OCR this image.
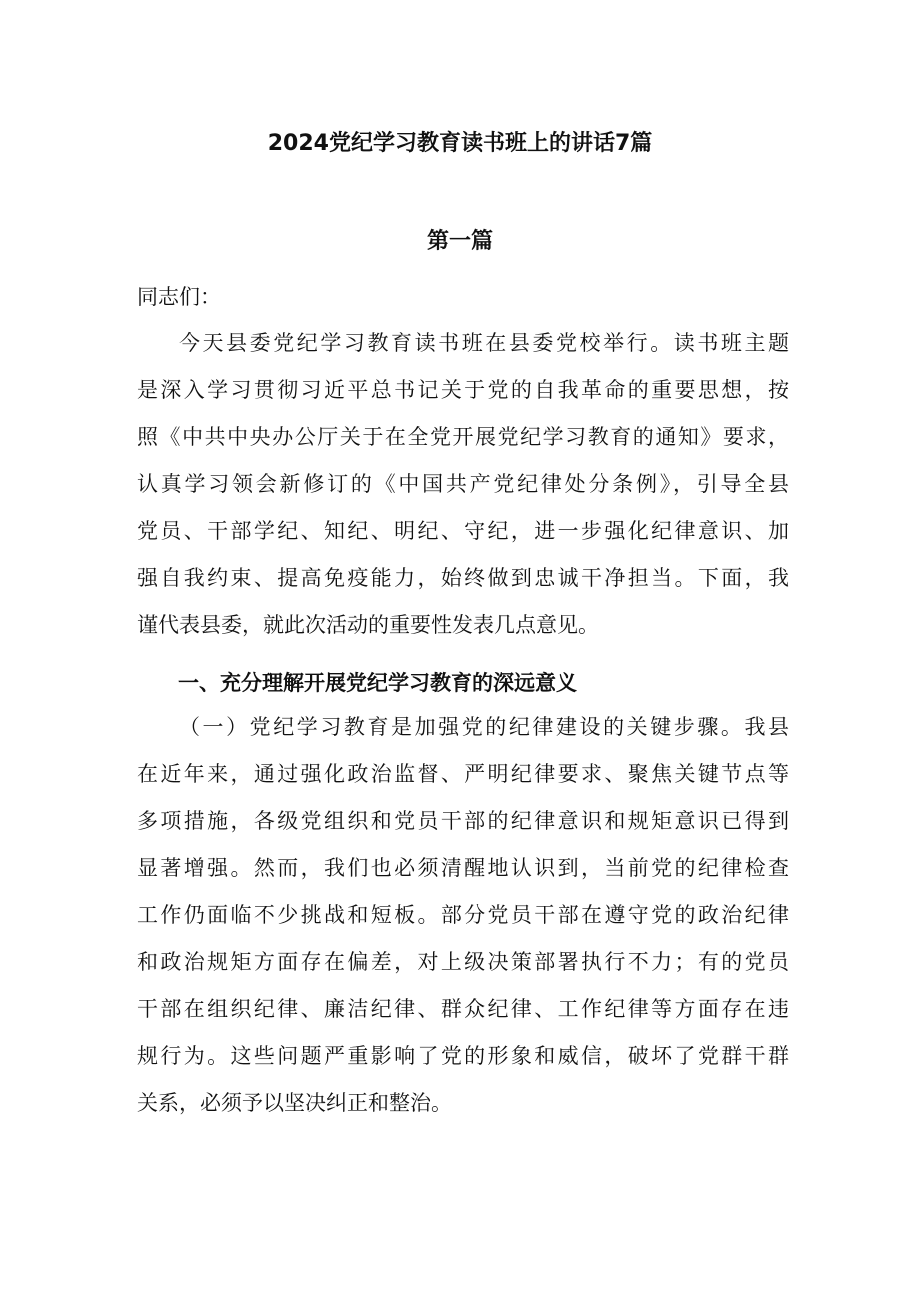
2024党纪学习教育读书班上的讲话7篇
第一篇

同志们：

今天县委党纪学习教育读书班在县委党校举行。读书班主题
是深入学习贯彻习近平总书记关于党的自我革命的重要思想，按
照《中共中央办公厅关于在全党开展党纪学习教育的通知》要求，
认真学习领会新修订的《中国共产党纪律处分条例》，引导全县
党员、干部学纪、知纪、明纪、守纪，进一步强化纪律意识、加
强自我约束、提高免疫能力，始终做到忠诚干净担当。下面，我
谨代表县委，就此次活动的重要性发表几点意见。
一、充分理解开展党纪学习教育的深远意义
（一）党纪学习教育是加强党的纪律建设的关键步骤。我县
在近年来，通过强化政治监督、严明纪律要求、聚焦关键节点等
多项措施，各级党组织和党员干部的纪律意识和规矩意识已得到
显著增强。然而，我们也必须清醒地认识到，当前党的纪律检查
工作仍面临不少挑战和短板。部分党员干部在遵守党的政治纪律
和政治规矩方面存在偏差，对上级决策部署执行不力；有的党员
干部在组织纪律、廉洁纪律、群众纪律、工作纪律等方面存在违
规行为。这些问题严重影响了党的形象和威信，破坏了党群干群
关系，必须予以坚决纠正和整治。
